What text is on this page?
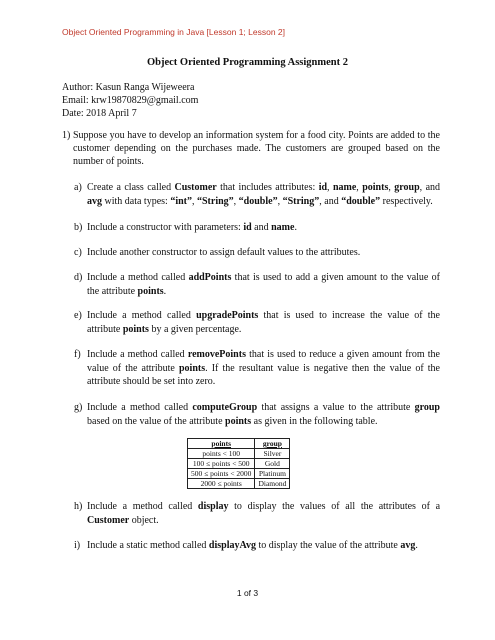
Object Oriented Programming in Java [Lesson 1; Lesson 2]
Object Oriented Programming Assignment 2
Author: Kasun Ranga Wijeweera
Email: krw19870829@gmail.com
Date: 2018 April 7
1) Suppose you have to develop an information system for a food city. Points are added to the customer depending on the purchases made. The customers are grouped based on the number of points.
a) Create a class called Customer that includes attributes: id, name, points, group, and avg with data types: “int”, “String”, “double”, “String”, and “double” respectively.
b) Include a constructor with parameters: id and name.
c) Include another constructor to assign default values to the attributes.
d) Include a method called addPoints that is used to add a given amount to the value of the attribute points.
e) Include a method called upgradePoints that is used to increase the value of the attribute points by a given percentage.
f) Include a method called removePoints that is used to reduce a given amount from the value of the attribute points. If the resultant value is negative then the value of the attribute should be set into zero.
g) Include a method called computeGroup that assigns a value to the attribute group based on the value of the attribute points as given in the following table.
points	group
points < 100	Silver
100 ≤ points < 500	Gold
500 ≤ points < 2000	Platinum
2000 ≤ points	Diamond
h) Include a method called display to display the values of all the attributes of a Customer object.
i) Include a static method called displayAvg to display the value of the attribute avg.
1 of 3
